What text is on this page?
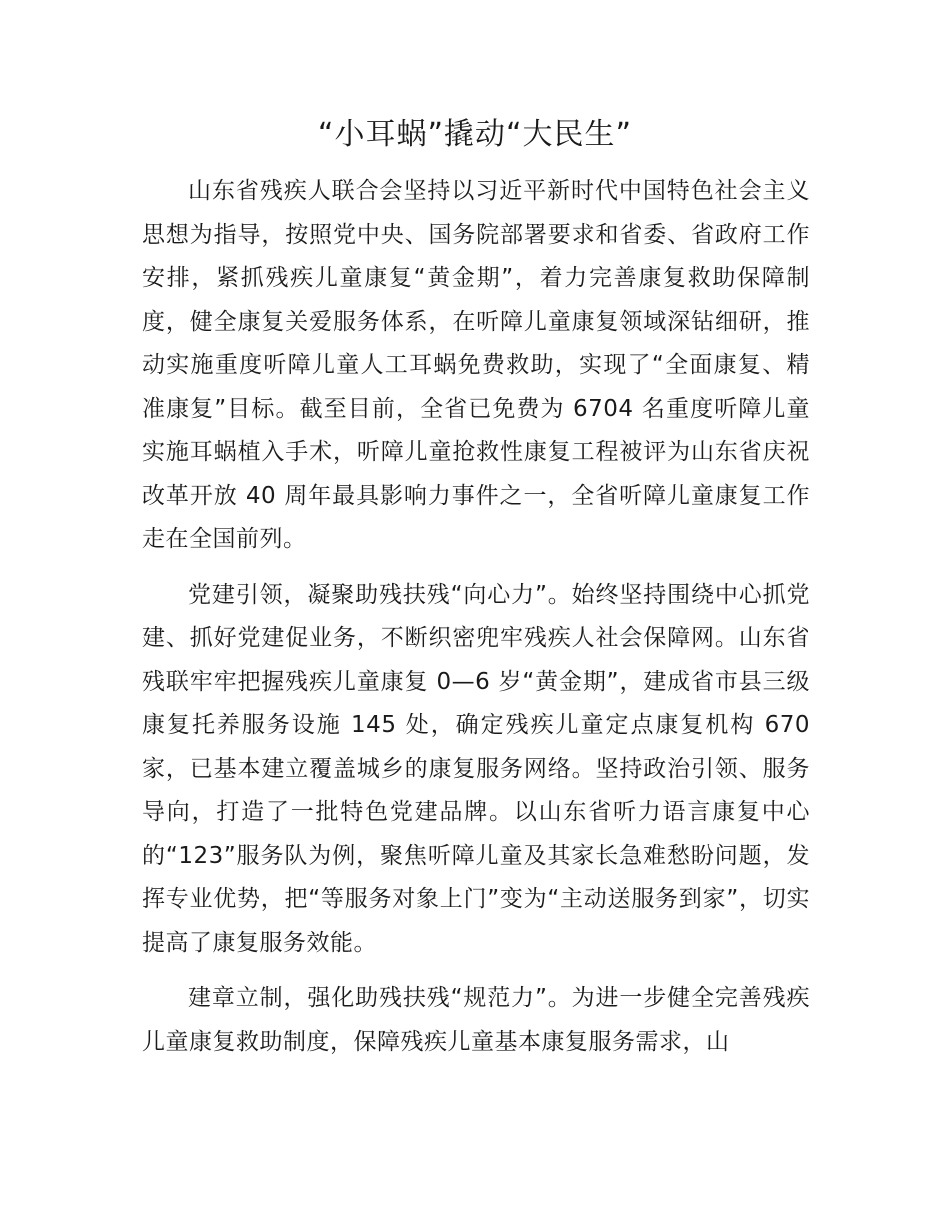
“小耳蜗”撬动“大民生”

山东省残疾人联合会坚持以习近平新时代中国特色社会主义思想为指导，按照党中央、国务院部署要求和省委、省政府工作安排，紧抓残疾儿童康复“黄金期”，着力完善康复救助保障制度，健全康复关爱服务体系，在听障儿童康复领域深钻细研，推动实施重度听障儿童人工耳蜗免费救助，实现了“全面康复、精准康复”目标。截至目前，全省已免费为 6704 名重度听障儿童实施耳蜗植入手术，听障儿童抢救性康复工程被评为山东省庆祝改革开放 40 周年最具影响力事件之一，全省听障儿童康复工作走在全国前列。

党建引领，凝聚助残扶残“向心力”。始终坚持围绕中心抓党建、抓好党建促业务，不断织密兜牢残疾人社会保障网。山东省残联牢牢把握残疾儿童康复 0—6 岁“黄金期”，建成省市县三级康复托养服务设施 145 处，确定残疾儿童定点康复机构 670 家，已基本建立覆盖城乡的康复服务网络。坚持政治引领、服务导向，打造了一批特色党建品牌。以山东省听力语言康复中心的“123”服务队为例，聚焦听障儿童及其家长急难愁盼问题，发挥专业优势，把“等服务对象上门”变为“主动送服务到家”，切实提高了康复服务效能。

建章立制，强化助残扶残“规范力”。为进一步健全完善残疾儿童康复救助制度，保障残疾儿童基本康复服务需求，山
